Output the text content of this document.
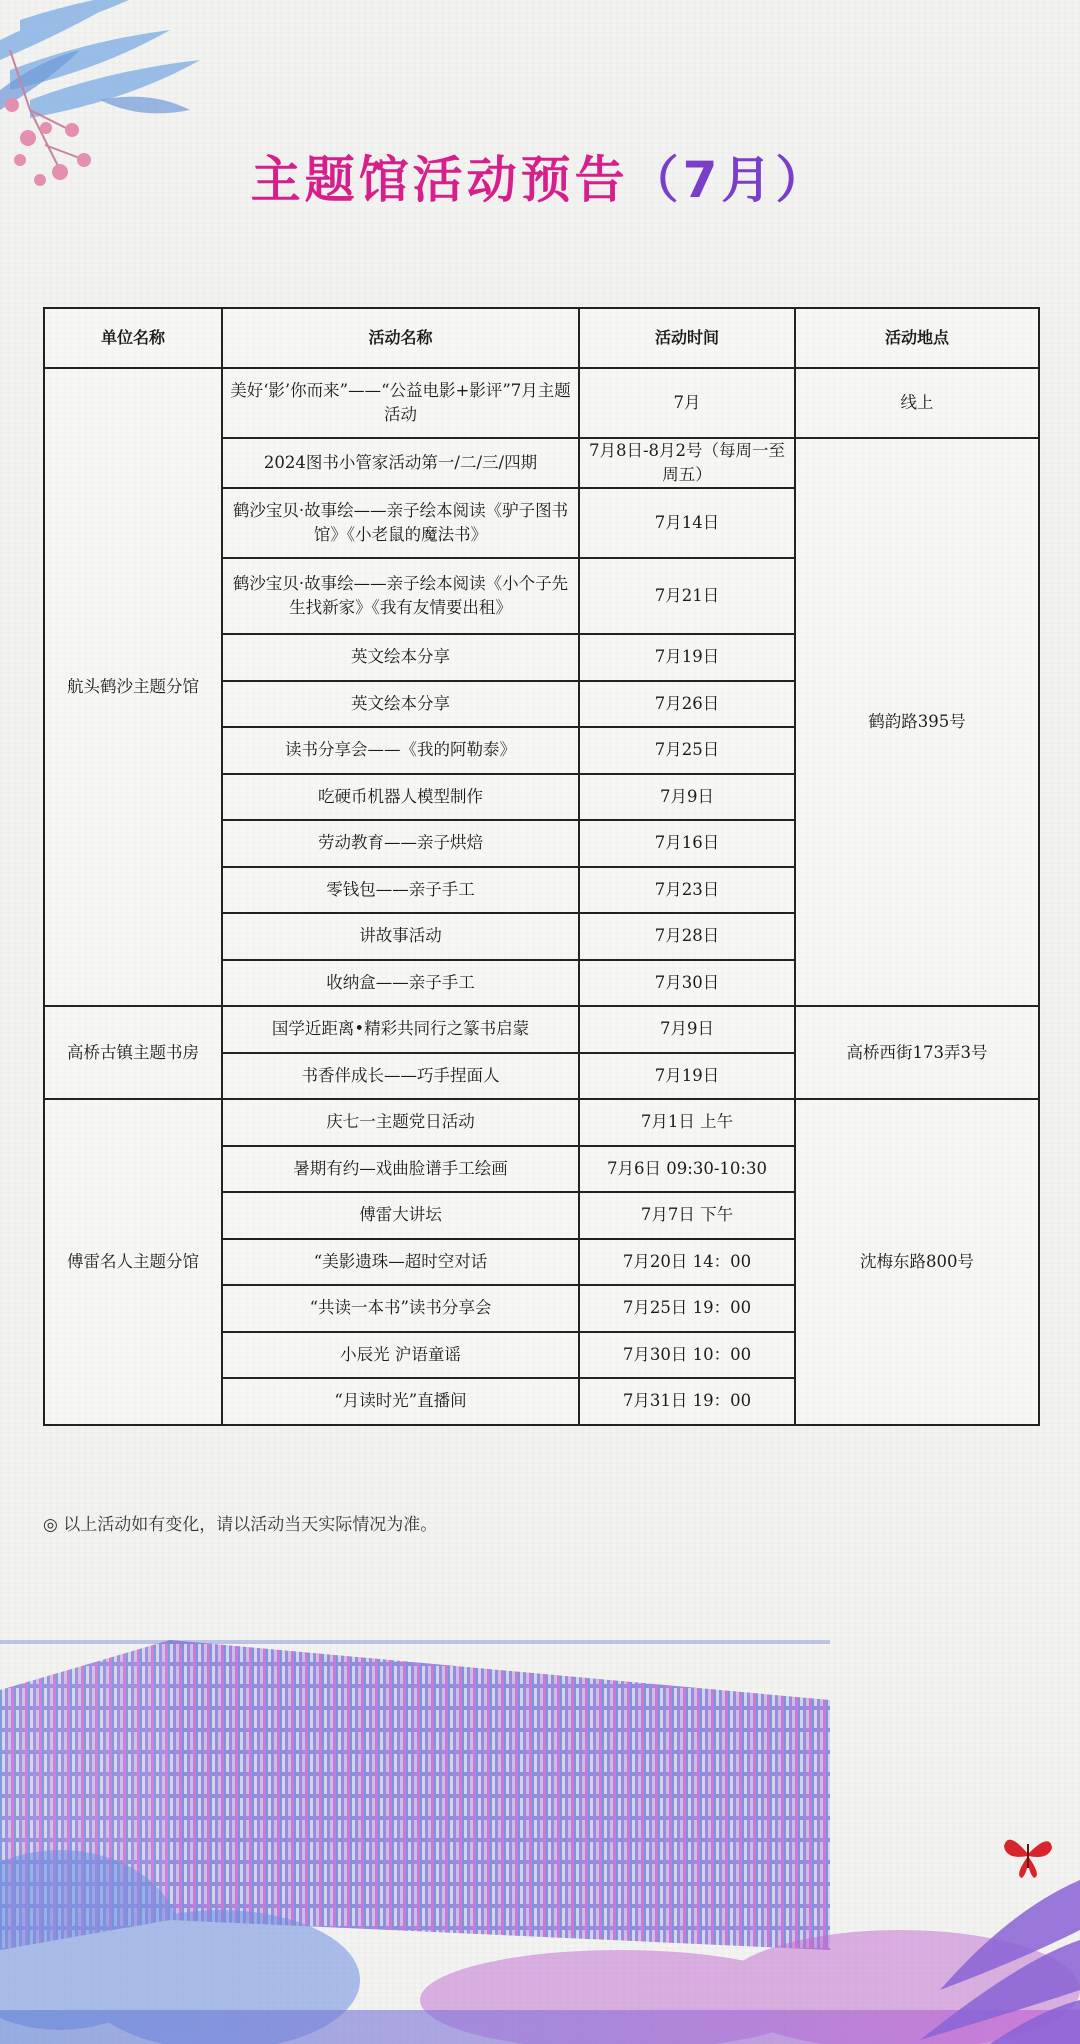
主题馆活动预告（7月）
单位名称	活动名称	活动时间	活动地点
航头鹤沙主题分馆	美好‘影’你而来”——“公益电影+影评”7月主题活动	7月	线上
	2024图书小管家活动第一/二/三/四期	7月8日-8月2号（每周一至周五）	鹤韵路395号
	鹤沙宝贝·故事绘——亲子绘本阅读《驴子图书馆》《小老鼠的魔法书》	7月14日	
	鹤沙宝贝·故事绘——亲子绘本阅读《小个子先生找新家》《我有友情要出租》	7月21日	
	英文绘本分享	7月19日	
	英文绘本分享	7月26日	
	读书分享会——《我的阿勒泰》	7月25日	
	吃硬币机器人模型制作	7月9日	
	劳动教育——亲子烘焙	7月16日	
	零钱包——亲子手工	7月23日	
	讲故事活动	7月28日	
	收纳盒——亲子手工	7月30日	
高桥古镇主题书房	国学近距离•精彩共同行之篆书启蒙	7月9日	高桥西街173弄3号
	书香伴成长——巧手捏面人	7月19日	
傅雷名人主题分馆	庆七一主题党日活动	7月1日 上午	沈梅东路800号
	暑期有约—戏曲脸谱手工绘画	7月6日 09:30-10:30	
	傅雷大讲坛	7月7日 下午	
	“美影遗珠—超时空对话	7月20日 14：00	
	“共读一本书”读书分享会	7月25日 19：00	
	小辰光 沪语童谣	7月30日 10：00	
	“月读时光”直播间	7月31日 19：00	
◎ 以上活动如有变化，请以活动当天实际情况为准。
